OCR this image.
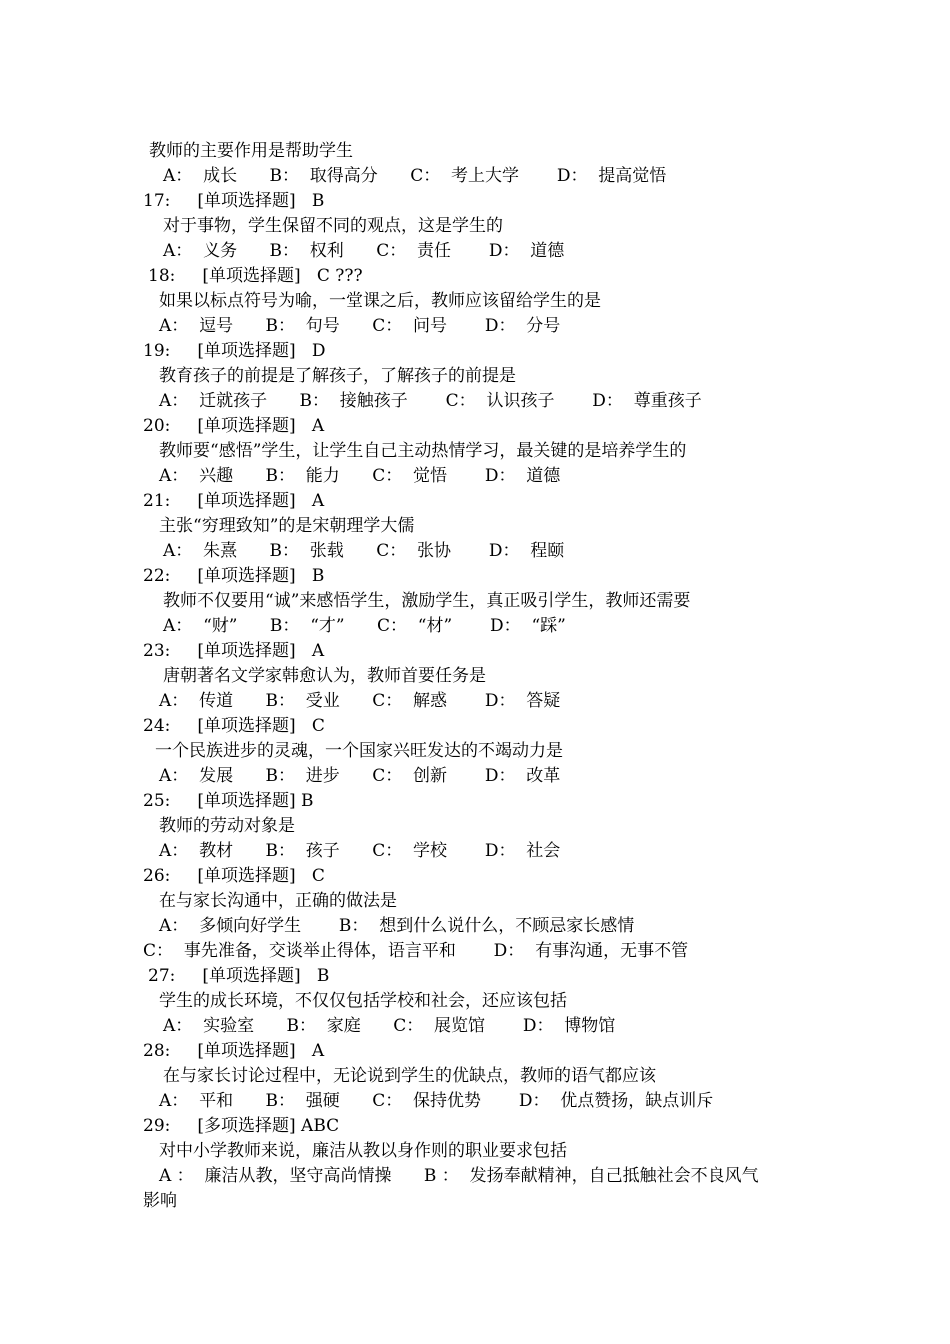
教师的主要作用是帮助学生
A：  成长      B：  取得高分      C：  考上大学       D：  提高觉悟
17:     [单项选择题]   B
对于事物，学生保留不同的观点，这是学生的
A：  义务      B：  权利      C：  责任       D：  道德
18:     [单项选择题]   C ???
如果以标点符号为喻，一堂课之后，教师应该留给学生的是
A：  逗号      B：  句号      C：  问号       D：  分号
19:     [单项选择题]   D
教育孩子的前提是了解孩子，了解孩子的前提是
A：  迁就孩子      B：  接触孩子       C：  认识孩子       D：  尊重孩子
20:     [单项选择题]   A
教师要“感悟”学生，让学生自己主动热情学习，最关键的是培养学生的
A：  兴趣      B：  能力      C：  觉悟       D：  道德
21:     [单项选择题]   A
主张“穷理致知”的是宋朝理学大儒
A：  朱熹      B：  张载      C：  张协       D：  程颐
22:     [单项选择题]   B
教师不仅要用“诚”来感悟学生，激励学生，真正吸引学生，教师还需要
A：  “财”      B：  “才”      C：  “材”       D：  “踩”
23:     [单项选择题]   A
唐朝著名文学家韩愈认为，教师首要任务是
A：  传道      B：  受业      C：  解惑       D：  答疑
24:     [单项选择题]   C
一个民族进步的灵魂，一个国家兴旺发达的不竭动力是
A：  发展      B：  进步      C：  创新       D：  改革
25:     [单项选择题] B
教师的劳动对象是
A：  教材      B：  孩子      C：  学校       D：  社会
26:     [单项选择题]   C
在与家长沟通中，正确的做法是
A：  多倾向好学生       B：  想到什么说什么，不顾忌家长感情
C：  事先准备，交谈举止得体，语言平和       D：  有事沟通，无事不管
27:     [单项选择题]   B
学生的成长环境，不仅仅包括学校和社会，还应该包括
A：  实验室      B：  家庭      C：  展览馆       D：  博物馆
28:     [单项选择题]   A
在与家长讨论过程中，无论说到学生的优缺点，教师的语气都应该
A：  平和      B：  强硬      C：  保持优势       D：  优点赞扬，缺点训斥
29:     [多项选择题] ABC
对中小学教师来说，廉洁从教以身作则的职业要求包括
A ：  廉洁从教，坚守高尚情操      B ：  发扬奉献精神，自己抵触社会不良风气
影响
